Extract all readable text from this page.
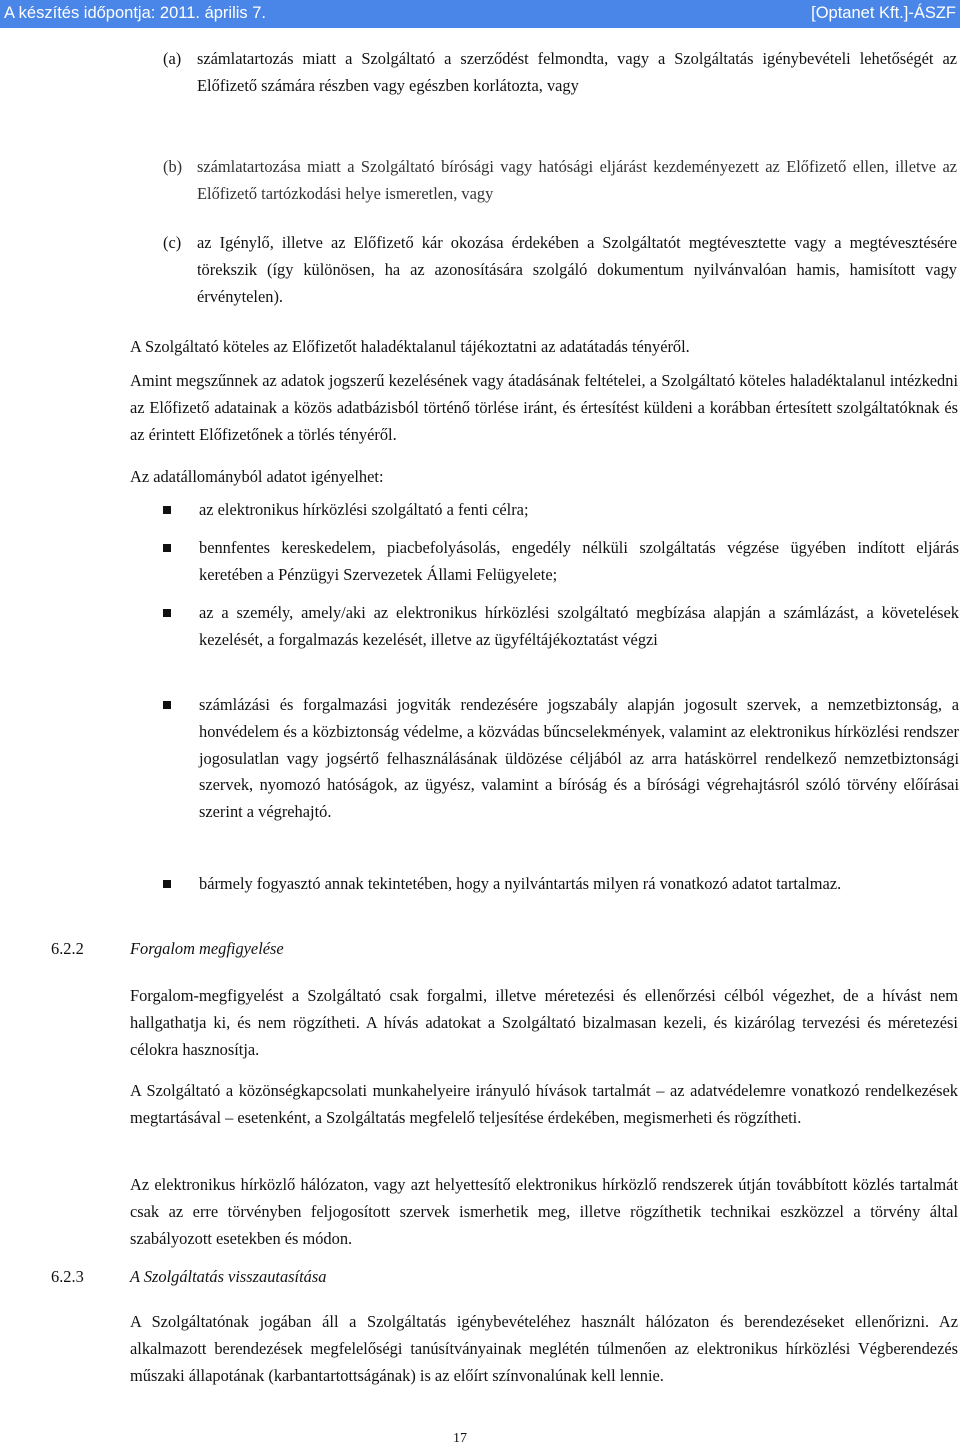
A készítés időpontja: 2011. április 7.	[Optanet Kft.]-ÁSZF
(a) számlatartozás miatt a Szolgáltató a szerződést felmondta, vagy a Szolgáltatás igénybevételi lehetőségét az Előfizető számára részben vagy egészben korlátozta, vagy

(b) számlatartozása miatt a Szolgáltató bírósági vagy hatósági eljárást kezdeményezett az Előfizető ellen, illetve az Előfizető tartózkodási helye ismeretlen, vagy

(c) az Igénylő, illetve az Előfizető kár okozása érdekében a Szolgáltatót megtévesztette vagy a megtévesztésére törekszik (így különösen, ha az azonosítására szolgáló dokumentum nyilvánvalóan hamis, hamisított vagy érvénytelen).

A Szolgáltató köteles az Előfizetőt haladéktalanul tájékoztatni az adatátadás tényéről.

Amint megszűnnek az adatok jogszerű kezelésének vagy átadásának feltételei, a Szolgáltató köteles haladéktalanul intézkedni az Előfizető adatainak a közös adatbázisból történő törlése iránt, és értesítést küldeni a korábban értesített szolgáltatóknak és az érintett Előfizetőnek a törlés tényéről.

Az adatállományból adatot igényelhet:

az elektronikus hírközlési szolgáltató a fenti célra;

bennfentes kereskedelem, piacbefolyásolás, engedély nélküli szolgáltatás végzése ügyében indított eljárás keretében a Pénzügyi Szervezetek Állami Felügyelete;

az a személy, amely/aki az elektronikus hírközlési szolgáltató megbízása alapján a számlázást, a követelések kezelését, a forgalmazás kezelését, illetve az ügyféltájékoztatást végzi

számlázási és forgalmazási jogviták rendezésére jogszabály alapján jogosult szervek, a nemzetbiztonság, a honvédelem és a közbiztonság védelme, a közvádas bűncselekmények, valamint az elektronikus hírközlési rendszer jogosulatlan vagy jogsértő felhasználásának üldözése céljából az arra hatáskörrel rendelkező nemzetbiztonsági szervek, nyomozó hatóságok, az ügyész, valamint a bíróság és a bírósági végrehajtásról szóló törvény előírásai szerint a végrehajtó.

bármely fogyasztó annak tekintetében, hogy a nyilvántartás milyen rá vonatkozó adatot tartalmaz.

6.2.2	Forgalom megfigyelése

Forgalom-megfigyelést a Szolgáltató csak forgalmi, illetve méretezési és ellenőrzési célból végezhet, de a hívást nem hallgathatja ki, és nem rögzítheti. A hívás adatokat a Szolgáltató bizalmasan kezeli, és kizárólag tervezési és méretezési célokra hasznosítja.

A Szolgáltató a közönségkapcsolati munkahelyeire irányuló hívások tartalmát – az adatvédelemre vonatkozó rendelkezések megtartásával – esetenként, a Szolgáltatás megfelelő teljesítése érdekében, megismerheti és rögzítheti.

Az elektronikus hírközlő hálózaton, vagy azt helyettesítő elektronikus hírközlő rendszerek útján továbbított közlés tartalmát csak az erre törvényben feljogosított szervek ismerhetik meg, illetve rögzíthetik technikai eszközzel a törvény által szabályozott esetekben és módon.

6.2.3	A Szolgáltatás visszautasítása

A Szolgáltatónak jogában áll a Szolgáltatás igénybevételéhez használt hálózaton és berendezéseket ellenőrizni. Az alkalmazott berendezések megfelelőségi tanúsítványainak meglétén túlmenően az elektronikus hírközlési Végberendezés műszaki állapotának (karbantartottságának) is az előírt színvonalúnak kell lennie.

17
